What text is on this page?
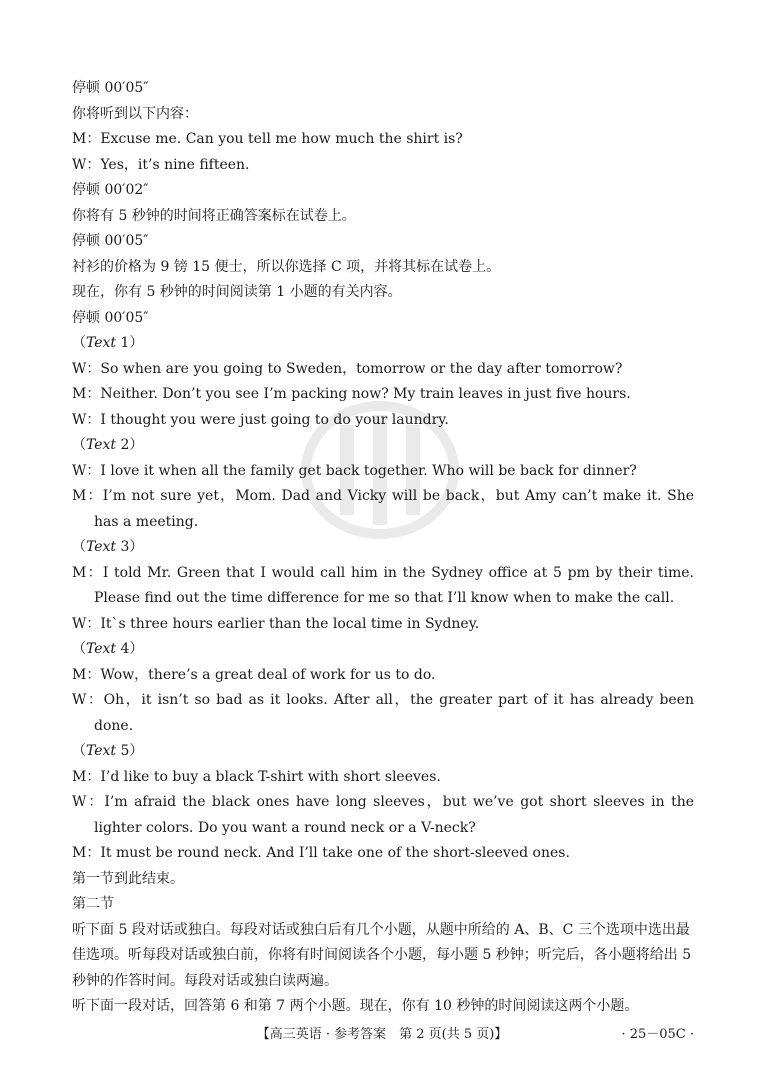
停顿 00′05″
你将听到以下内容：
M：Excuse me. Can you tell me how much the shirt is?
W：Yes，it’s nine fifteen.
停顿 00′02″
你将有 5 秒钟的时间将正确答案标在试卷上。
停顿 00′05″
衬衫的价格为 9 镑 15 便士，所以你选择 C 项，并将其标在试卷上。
现在，你有 5 秒钟的时间阅读第 1 小题的有关内容。
停顿 00′05″
（Text 1）
W：So when are you going to Sweden，tomorrow or the day after tomorrow?
M：Neither. Don’t you see I’m packing now? My train leaves in just five hours.
W：I thought you were just going to do your laundry.
（Text 2）
W：I love it when all the family get back together. Who will be back for dinner?
M：I’m not sure yet，Mom. Dad and Vicky will be back，but Amy can’t make it. She has a meeting.
（Text 3）
M：I told Mr. Green that I would call him in the Sydney office at 5 pm by their time. Please find out the time difference for me so that I’ll know when to make the call.
W：It`s three hours earlier than the local time in Sydney.
（Text 4）
M：Wow，there’s a great deal of work for us to do.
W：Oh，it isn’t so bad as it looks. After all，the greater part of it has already been done.
（Text 5）
M：I’d like to buy a black T-shirt with short sleeves.
W：I’m afraid the black ones have long sleeves，but we’ve got short sleeves in the lighter colors. Do you want a round neck or a V-neck?
M：It must be round neck. And I’ll take one of the short-sleeved ones.
第一节到此结束。
第二节
听下面 5 段对话或独白。每段对话或独白后有几个小题，从题中所给的 A、B、C 三个选项中选出最佳选项。听每段对话或独白前，你将有时间阅读各个小题，每小题 5 秒钟；听完后，各小题将给出 5 秒钟的作答时间。每段对话或独白读两遍。
听下面一段对话，回答第 6 和第 7 两个小题。现在，你有 10 秒钟的时间阅读这两个小题。
【高三英语 · 参考答案　第 2 页(共 5 页)】	· 25－05C ·
